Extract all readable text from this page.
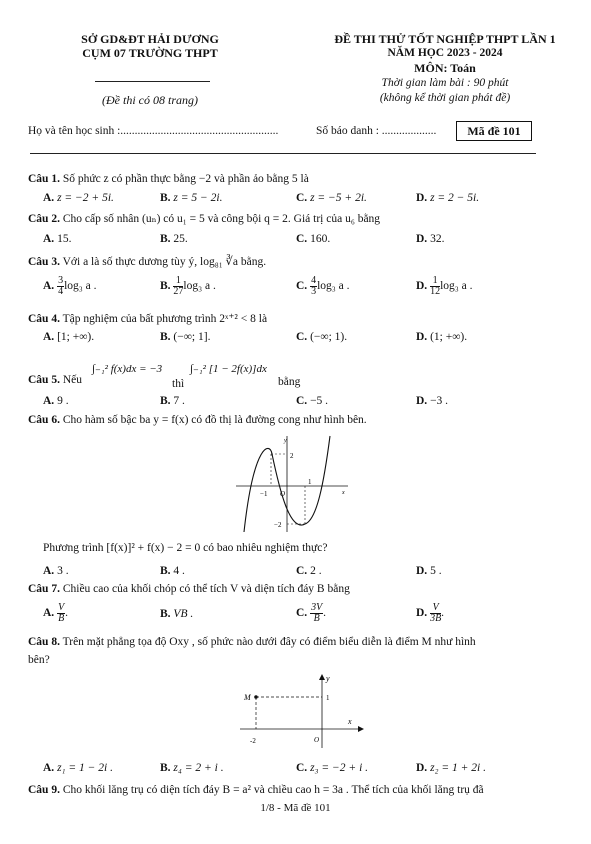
SỞ GD&ĐT HẢI DƯƠNG
CỤM 07 TRƯỜNG THPT
(Đề thi có 08 trang)
ĐỀ THI THỬ TỐT NGHIỆP THPT LẦN 1
NĂM HỌC 2023 - 2024
MÔN: Toán
Thời gian làm bài : 90 phút
(không kể thời gian phát đề)
Họ và tên học sinh :.......................................................	Số báo danh : ...................	Mã đề 101
Câu 1. Số phức z có phần thực bằng −2 và phần ảo bằng 5 là
A. z = −2 + 5i.	B. z = 5 − 2i.	C. z = −5 + 2i.	D. z = 2 − 5i.
Câu 2. Cho cấp số nhân (uₙ) có u₁ = 5 và công bội q = 2. Giá trị của u₆ bằng
A. 15.	B. 25.	C. 160.	D. 32.
Câu 3. Với a là số thực dương tùy ý, log₈₁ ∛a bằng.
A. $\frac{3}{4} \log_3$ a .	B. $\frac{1}{27} \log_3$ a .	C. $\frac{4}{3} \log_3$ a .	D. $\frac{1}{12} \log_3$ a .
Câu 4. Tập nghiệm của bất phương trình 2ˣ⁺² < 8 là
A. [1; +∞).	B. (−∞; 1].	C. (−∞; 1).	D. (1; +∞).
Câu 5. Nếu
∫₋₁² f(x)dx = −3
thì
∫₋₁² [1 − 2f(x)]dx
bằng
A. 9 .	B. 7 .	C. −5 .	D. −3 .
Câu 6. Cho hàm số bậc ba y = f(x) có đồ thị là đường cong như hình bên.
y
x
2
−2
−1
1
O
Phương trình [f(x)]² + f(x) − 2 = 0 có bao nhiêu nghiệm thực?
A. 3 .	B. 4 .	C. 2 .	D. 5 .
Câu 7. Chiều cao của khối chóp có thể tích V và diện tích đáy B bằng
A. $\frac{V}{B}$ .	B. VB .	C. $\frac{3V}{B}$ .	D. $\frac{V}{3B}$ .
Câu 8. Trên mặt phẳng tọa độ Oxy , số phức nào dưới đây có điểm biểu diễn là điểm M như hình
bên?
M	1
-2	O
x
y
A. z₁ = 1 − 2i .	B. z₄ = 2 + i .	C. z₃ = −2 + i .	D. z₂ = 1 + 2i .
Câu 9. Cho khối lăng trụ có diện tích đáy B = a² và chiều cao h = 3a . Thể tích của khối lăng trụ đã
1/8 - Mã đề 101
